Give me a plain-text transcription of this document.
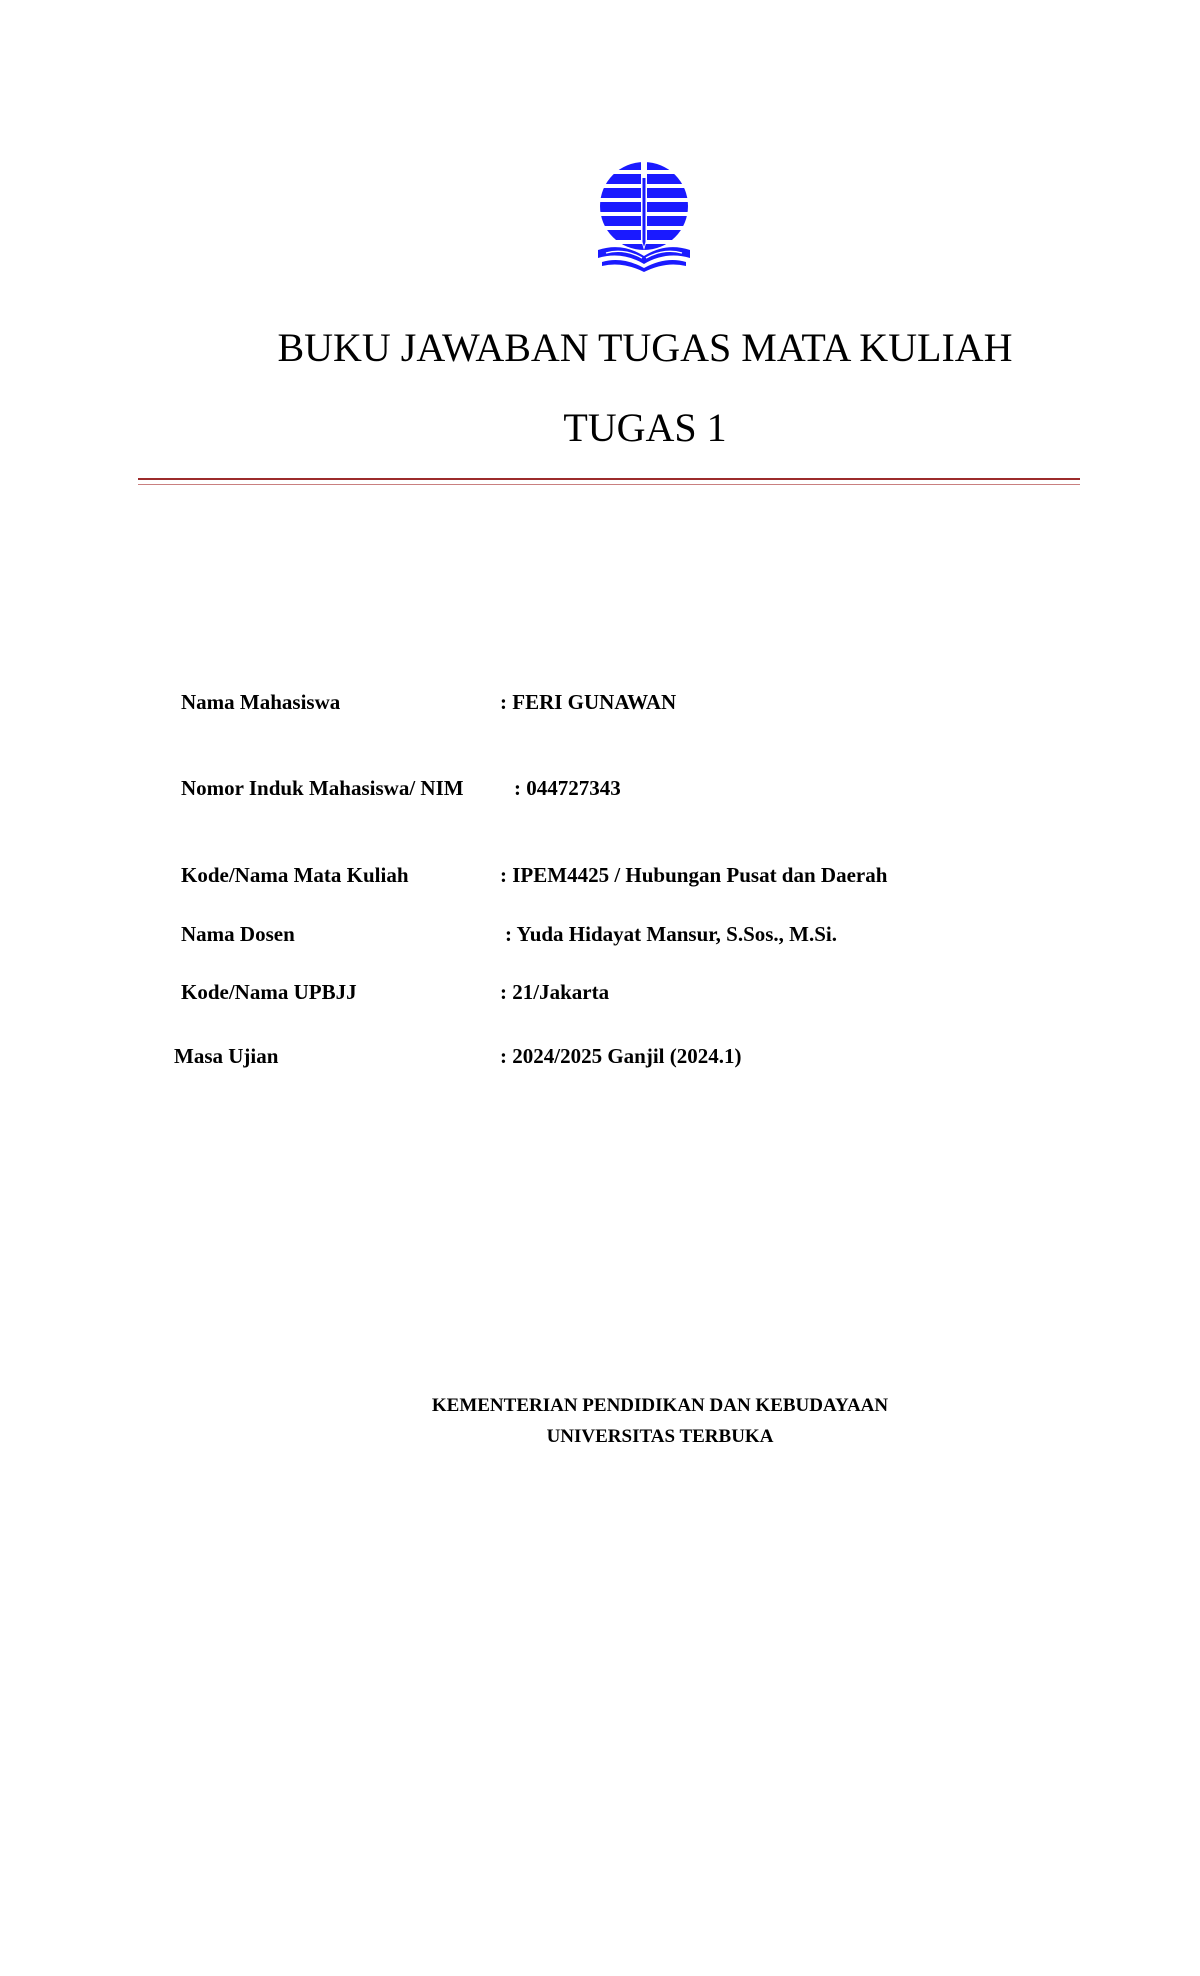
BUKU JAWABAN TUGAS MATA KULIAH
TUGAS 1
Nama Mahasiswa	: FERI GUNAWAN
Nomor Induk Mahasiswa/ NIM : 044727343
Kode/Nama Mata Kuliah	: IPEM4425 / Hubungan Pusat dan Daerah
Nama Dosen	: Yuda Hidayat Mansur, S.Sos., M.Si.
Kode/Nama UPBJJ	: 21/Jakarta
Masa Ujian	: 2024/2025 Ganjil (2024.1)
KEMENTERIAN PENDIDIKAN DAN KEBUDAYAAN
UNIVERSITAS TERBUKA
